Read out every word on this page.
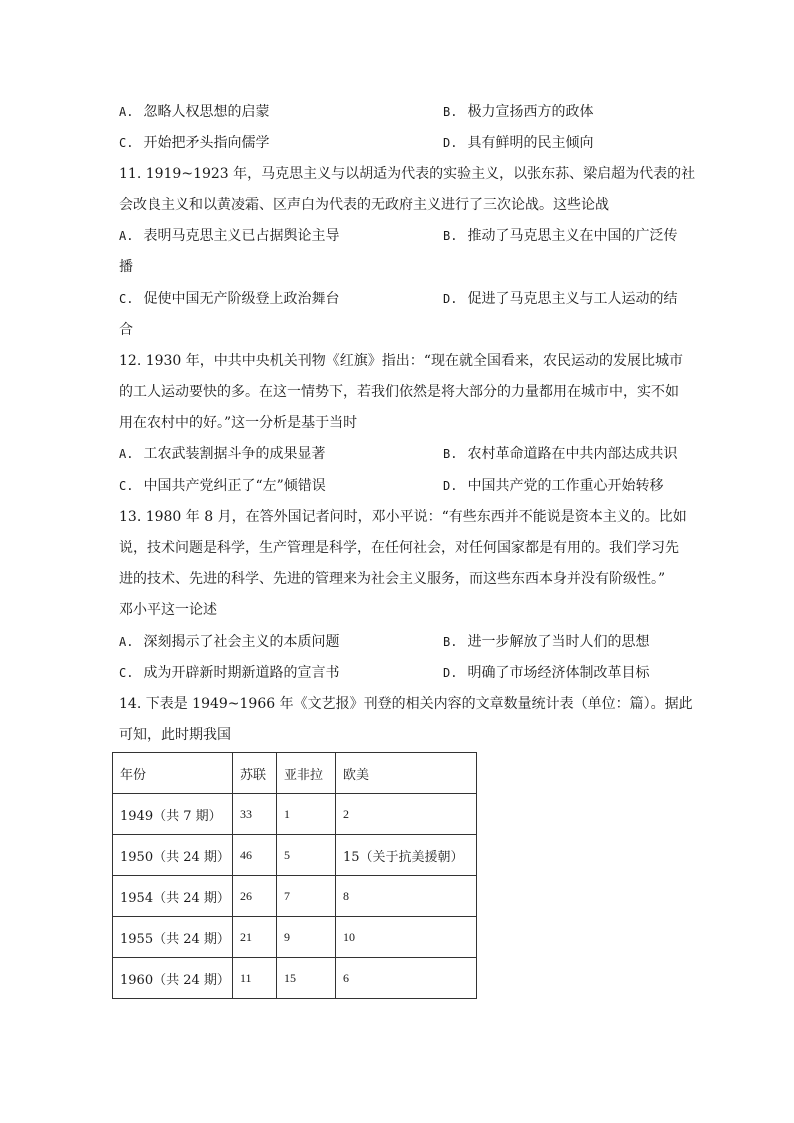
A. 忽略人权思想的启蒙	B. 极力宣扬西方的政体
C. 开始把矛头指向儒学	D. 具有鲜明的民主倾向
11. 1919~1923 年，马克思主义与以胡适为代表的实验主义，以张东荪、梁启超为代表的社
会改良主义和以黄凌霜、区声白为代表的无政府主义进行了三次论战。这些论战
A. 表明马克思主义已占据舆论主导	B. 推动了马克思主义在中国的广泛传
播
C. 促使中国无产阶级登上政治舞台	D. 促进了马克思主义与工人运动的结
合
12. 1930 年，中共中央机关刊物《红旗》指出：“现在就全国看来，农民运动的发展比城市
的工人运动要快的多。在这一情势下，若我们依然是将大部分的力量都用在城市中，实不如
用在农村中的好。”这一分析是基于当时
A. 工农武装割据斗争的成果显著	B. 农村革命道路在中共内部达成共识
C. 中国共产党纠正了“左”倾错误	D. 中国共产党的工作重心开始转移
13. 1980 年 8 月，在答外国记者问时，邓小平说：“有些东西并不能说是资本主义的。比如
说，技术问题是科学，生产管理是科学，在任何社会，对任何国家都是有用的。我们学习先
进的技术、先进的科学、先进的管理来为社会主义服务，而这些东西本身并没有阶级性。”
邓小平这一论述
A. 深刻揭示了社会主义的本质问题	B. 进一步解放了当时人们的思想
C. 成为开辟新时期新道路的宣言书	D. 明确了市场经济体制改革目标
14. 下表是 1949~1966 年《文艺报》刊登的相关内容的文章数量统计表（单位：篇）。据此
可知，此时期我国
年份	苏联	亚非拉	欧美
1949（共 7 期）	33	1	2
1950（共 24 期）	46	5	15（关于抗美援朝）
1954（共 24 期）	26	7	8
1955（共 24 期）	21	9	10
1960（共 24 期）	11	15	6
